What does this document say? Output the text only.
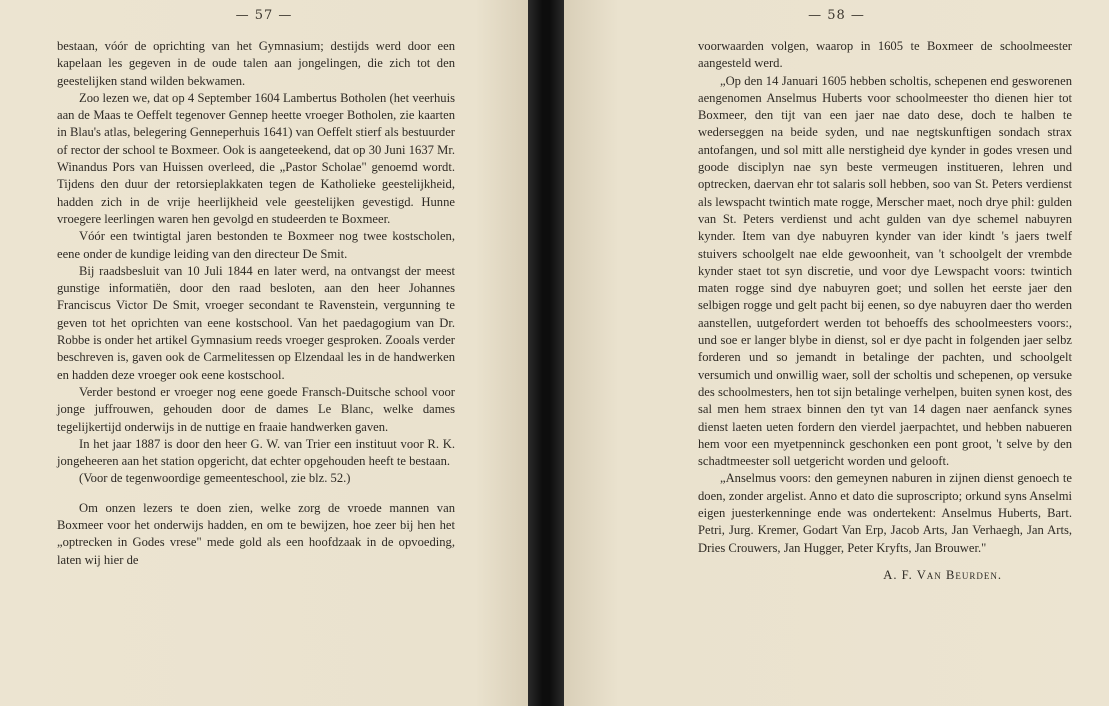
— 57 —

bestaan, vóór de oprichting van het Gymnasium; destijds werd door een kapelaan les gegeven in de oude talen aan jongelingen, die zich tot den geestelijken stand wilden bekwamen.

Zoo lezen we, dat op 4 September 1604 Lambertus Botholen (het veerhuis aan de Maas te Oeffelt tegenover Gennep heette vroeger Botholen, zie kaarten in Blau's atlas, belegering Genneperhuis 1641) van Oeffelt stierf als bestuurder of rector der school te Boxmeer. Ook is aangeteekend, dat op 30 Juni 1637 Mr. Winandus Pors van Huissen overleed, die „Pastor Scholae" genoemd wordt. Tijdens den duur der retorsieplakkaten tegen de Katholieke geestelijkheid, hadden zich in de vrije heerlijkheid vele geestelijken gevestigd. Hunne vroegere leerlingen waren hen gevolgd en studeerden te Boxmeer.

Vóór een twintigtal jaren bestonden te Boxmeer nog twee kostscholen, eene onder de kundige leiding van den directeur De Smit.

Bij raadsbesluit van 10 Juli 1844 en later werd, na ontvangst der meest gunstige informatiën, door den raad besloten, aan den heer Johannes Franciscus Victor De Smit, vroeger secondant te Ravenstein, vergunning te geven tot het oprichten van eene kostschool. Van het paedagogium van Dr. Robbe is onder het artikel Gymnasium reeds vroeger gesproken. Zooals verder beschreven is, gaven ook de Carmelitessen op Elzendaal les in de handwerken en hadden deze vroeger ook eene kostschool.

Verder bestond er vroeger nog eene goede Fransch-Duitsche school voor jonge juffrouwen, gehouden door de dames Le Blanc, welke dames tegelijkertijd onderwijs in de nuttige en fraaie handwerken gaven.

In het jaar 1887 is door den heer G. W. van Trier een instituut voor R. K. jongeheeren aan het station opgericht, dat echter opgehouden heeft te bestaan.

(Voor de tegenwoordige gemeenteschool, zie blz. 52.)

Om onzen lezers te doen zien, welke zorg de vroede mannen van Boxmeer voor het onderwijs hadden, en om te bewijzen, hoe zeer bij hen het „optrecken in Godes vrese" mede gold als een hoofdzaak in de opvoeding, laten wij hier de

— 58 —

voorwaarden volgen, waarop in 1605 te Boxmeer de schoolmeester aangesteld werd.

„Op den 14 Januari 1605 hebben scholtis, schepenen end gesworenen aengenomen Anselmus Huberts voor schoolmeester tho dienen hier tot Boxmeer, den tijt van een jaer nae dato dese, doch te halben te wederseggen na beide syden, und nae negtskunftigen sondach strax antofangen, und sol mitt alle nerstigheid dye kynder in godes vresen und goode disciplyn nae syn beste vermeugen institueren, lehren und optrecken, daervan ehr tot salaris soll hebben, soo van St. Peters verdienst als lewspacht twintich mate rogge, Merscher maet, noch drye phil: gulden van St. Peters verdienst und acht gulden van dye schemel nabuyren kynder. Item van dye nabuyren kynder van ider kindt 's jaers twelf stuivers schoolgelt nae elde gewoonheit, van 't schoolgelt der vrembde kynder staet tot syn discretie, und voor dye Lewspacht voors: twintich maten rogge sind dye nabuyren goet; und sollen het eerste jaer den selbigen rogge und gelt pacht bij eenen, so dye nabuyren daer tho werden aanstellen, uutgefordert werden tot behoeffs des schoolmeesters voors:, und soe er langer blybe in dienst, sol er dye pacht in folgenden jaer selbz forderen und so jemandt in betalinge der pachten, und schoolgelt versumich und onwillig waer, soll der scholtis und schepenen, op versuke des schoolmesters, hen tot sijn betalinge verhelpen, buiten synen kost, des sal men hem straex binnen den tyt van 14 dagen naer aenfanck synes dienst laeten ueten fordern den vierdel jaerpachtet, und hebben nabueren hem voor een myetpenninck geschonken een pont groot, 't selve by den schadtmeester soll uetgericht worden und gelooft.

„Anselmus voors: den gemeynen naburen in zijnen dienst genoech te doen, zonder argelist. Anno et dato die suproscripto; orkund syns Anselmi eigen juesterkenninge ende was ondertekent: Anselmus Huberts, Bart. Petri, Jurg. Kremer, Godart Van Erp, Jacob Arts, Jan Verhaegh, Jan Arts, Dries Crouwers, Jan Hugger, Peter Kryfts, Jan Brouwer."

A. F. Van Beurden.
